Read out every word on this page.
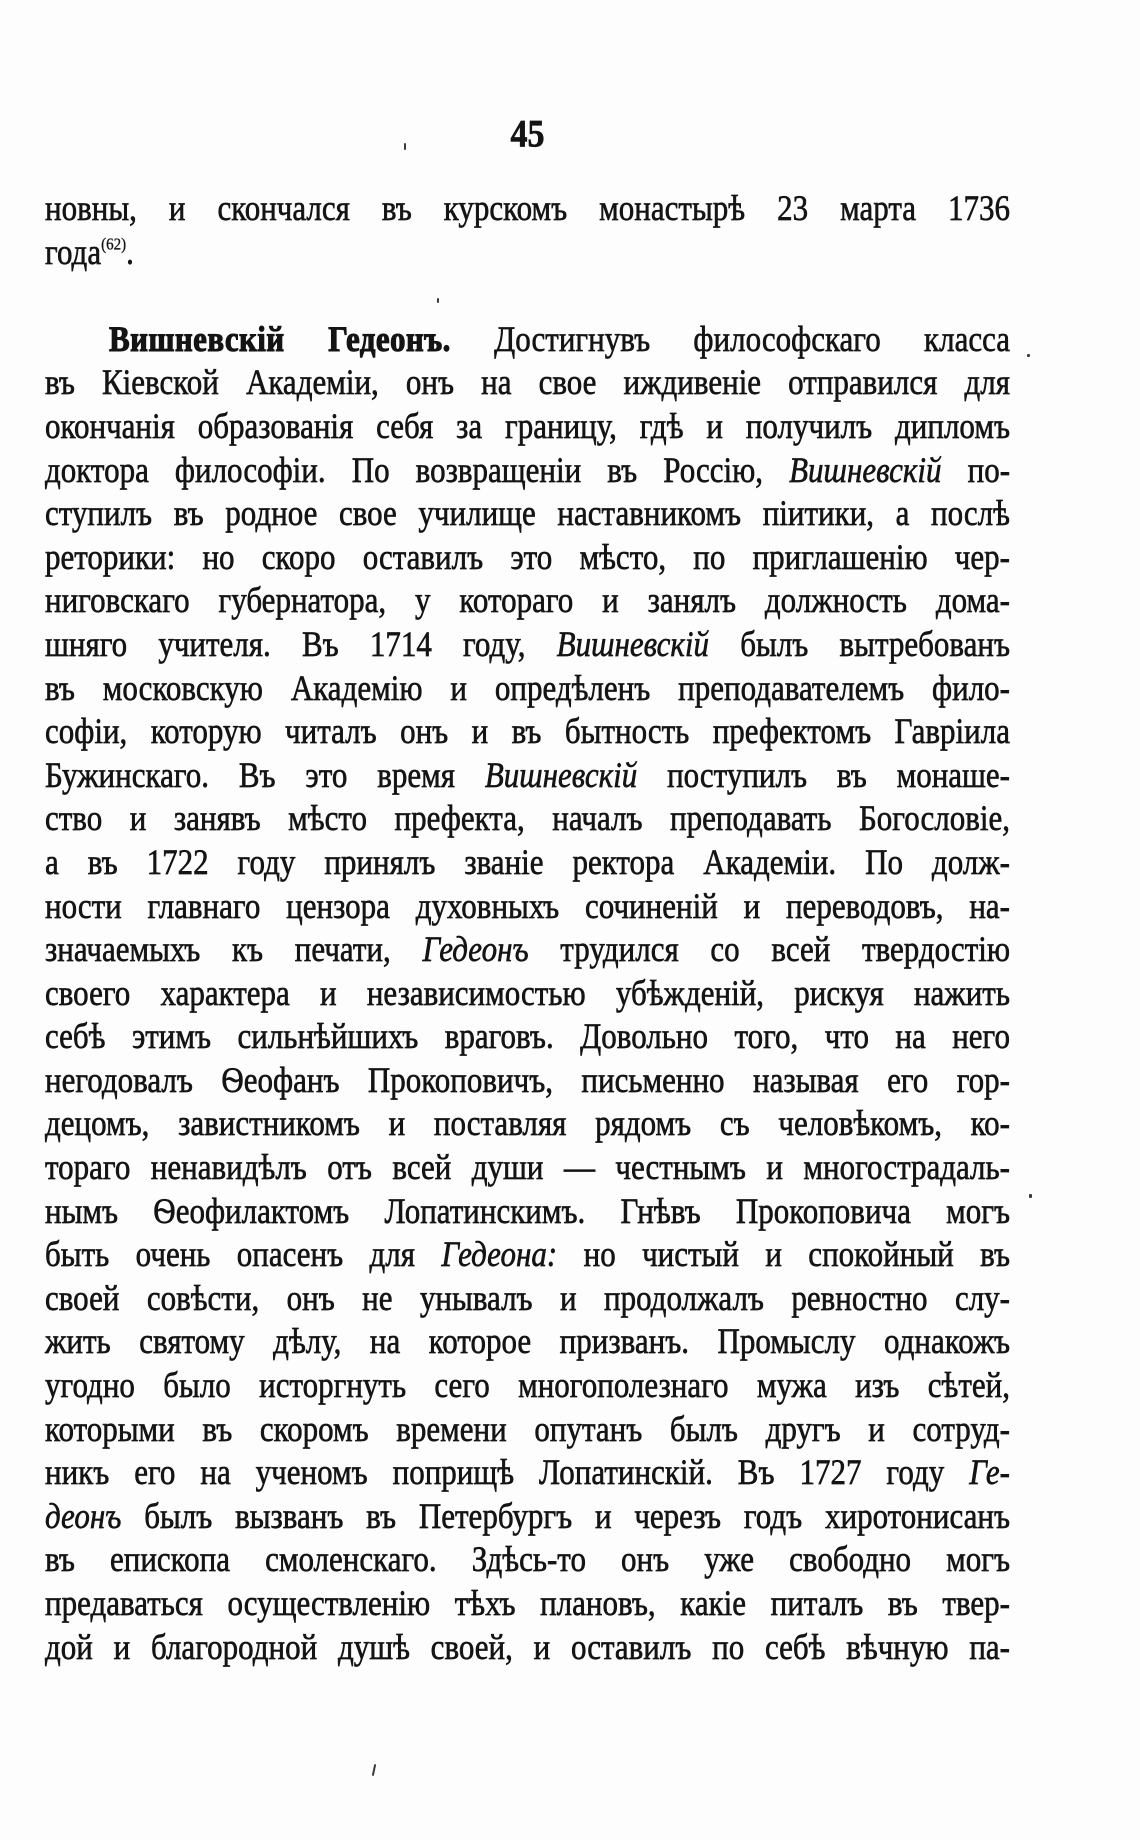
45
новны, и скончался въ курскомъ монастырѣ 23 марта 1736
года$^{(62)}$.
Вишневскій Гедеонъ. Достигнувъ философскаго класса
въ Кіевской Академіи, онъ на свое иждивеніе отправился для
окончанія образованія себя за границу, гдѣ и получилъ дипломъ
доктора философіи. По возвращеніи въ Россію, Вишневскій по-
ступилъ въ родное свое училище наставникомъ піитики, а послѣ
реторики: но скоро оставилъ это мѣсто, по приглашенію чер-
ниговскаго губернатора, у котораго и занялъ должность дома-
шняго учителя. Въ 1714 году, Вишневскій былъ вытребованъ
въ московскую Академію и опредѣленъ преподавателемъ фило-
софіи, которую читалъ онъ и въ бытность префектомъ Гавріила
Бужинскаго. Въ это время Вишневскій поступилъ въ монаше-
ство и занявъ мѣсто префекта, началъ преподавать Богословіе,
а въ 1722 году принялъ званіе ректора Академіи. По долж-
ности главнаго цензора духовныхъ сочиненій и переводовъ, на-
значаемыхъ къ печати, Гедеонъ трудился со всей твердостію
своего характера и независимостью убѣжденій, рискуя нажить
себѣ этимъ сильнѣйшихъ враговъ. Довольно того, что на него
негодовалъ Ѳеофанъ Прокоповичъ, письменно называя его гор-
децомъ, завистникомъ и поставляя рядомъ съ человѣкомъ, ко-
тораго ненавидѣлъ отъ всей души — честнымъ и многострадаль-
нымъ Ѳеофилактомъ Лопатинскимъ. Гнѣвъ Прокоповича могъ
быть очень опасенъ для Гедеона: но чистый и спокойный въ
своей совѣсти, онъ не унывалъ и продолжалъ ревностно слу-
жить святому дѣлу, на которое призванъ. Промыслу однакожъ
угодно было исторгнуть сего многополезнаго мужа изъ сѣтей,
которыми въ скоромъ времени опутанъ былъ другъ и сотруд-
никъ его на ученомъ поприщѣ Лопатинскій. Въ 1727 году Ге-
деонъ былъ вызванъ въ Петербургъ и черезъ годъ хиротонисанъ
въ епископа смоленскаго. Здѣсь-то онъ уже свободно могъ
предаваться осуществленію тѣхъ плановъ, какіе питалъ въ твер-
дой и благородной душѣ своей, и оставилъ по себѣ вѣчную па-
